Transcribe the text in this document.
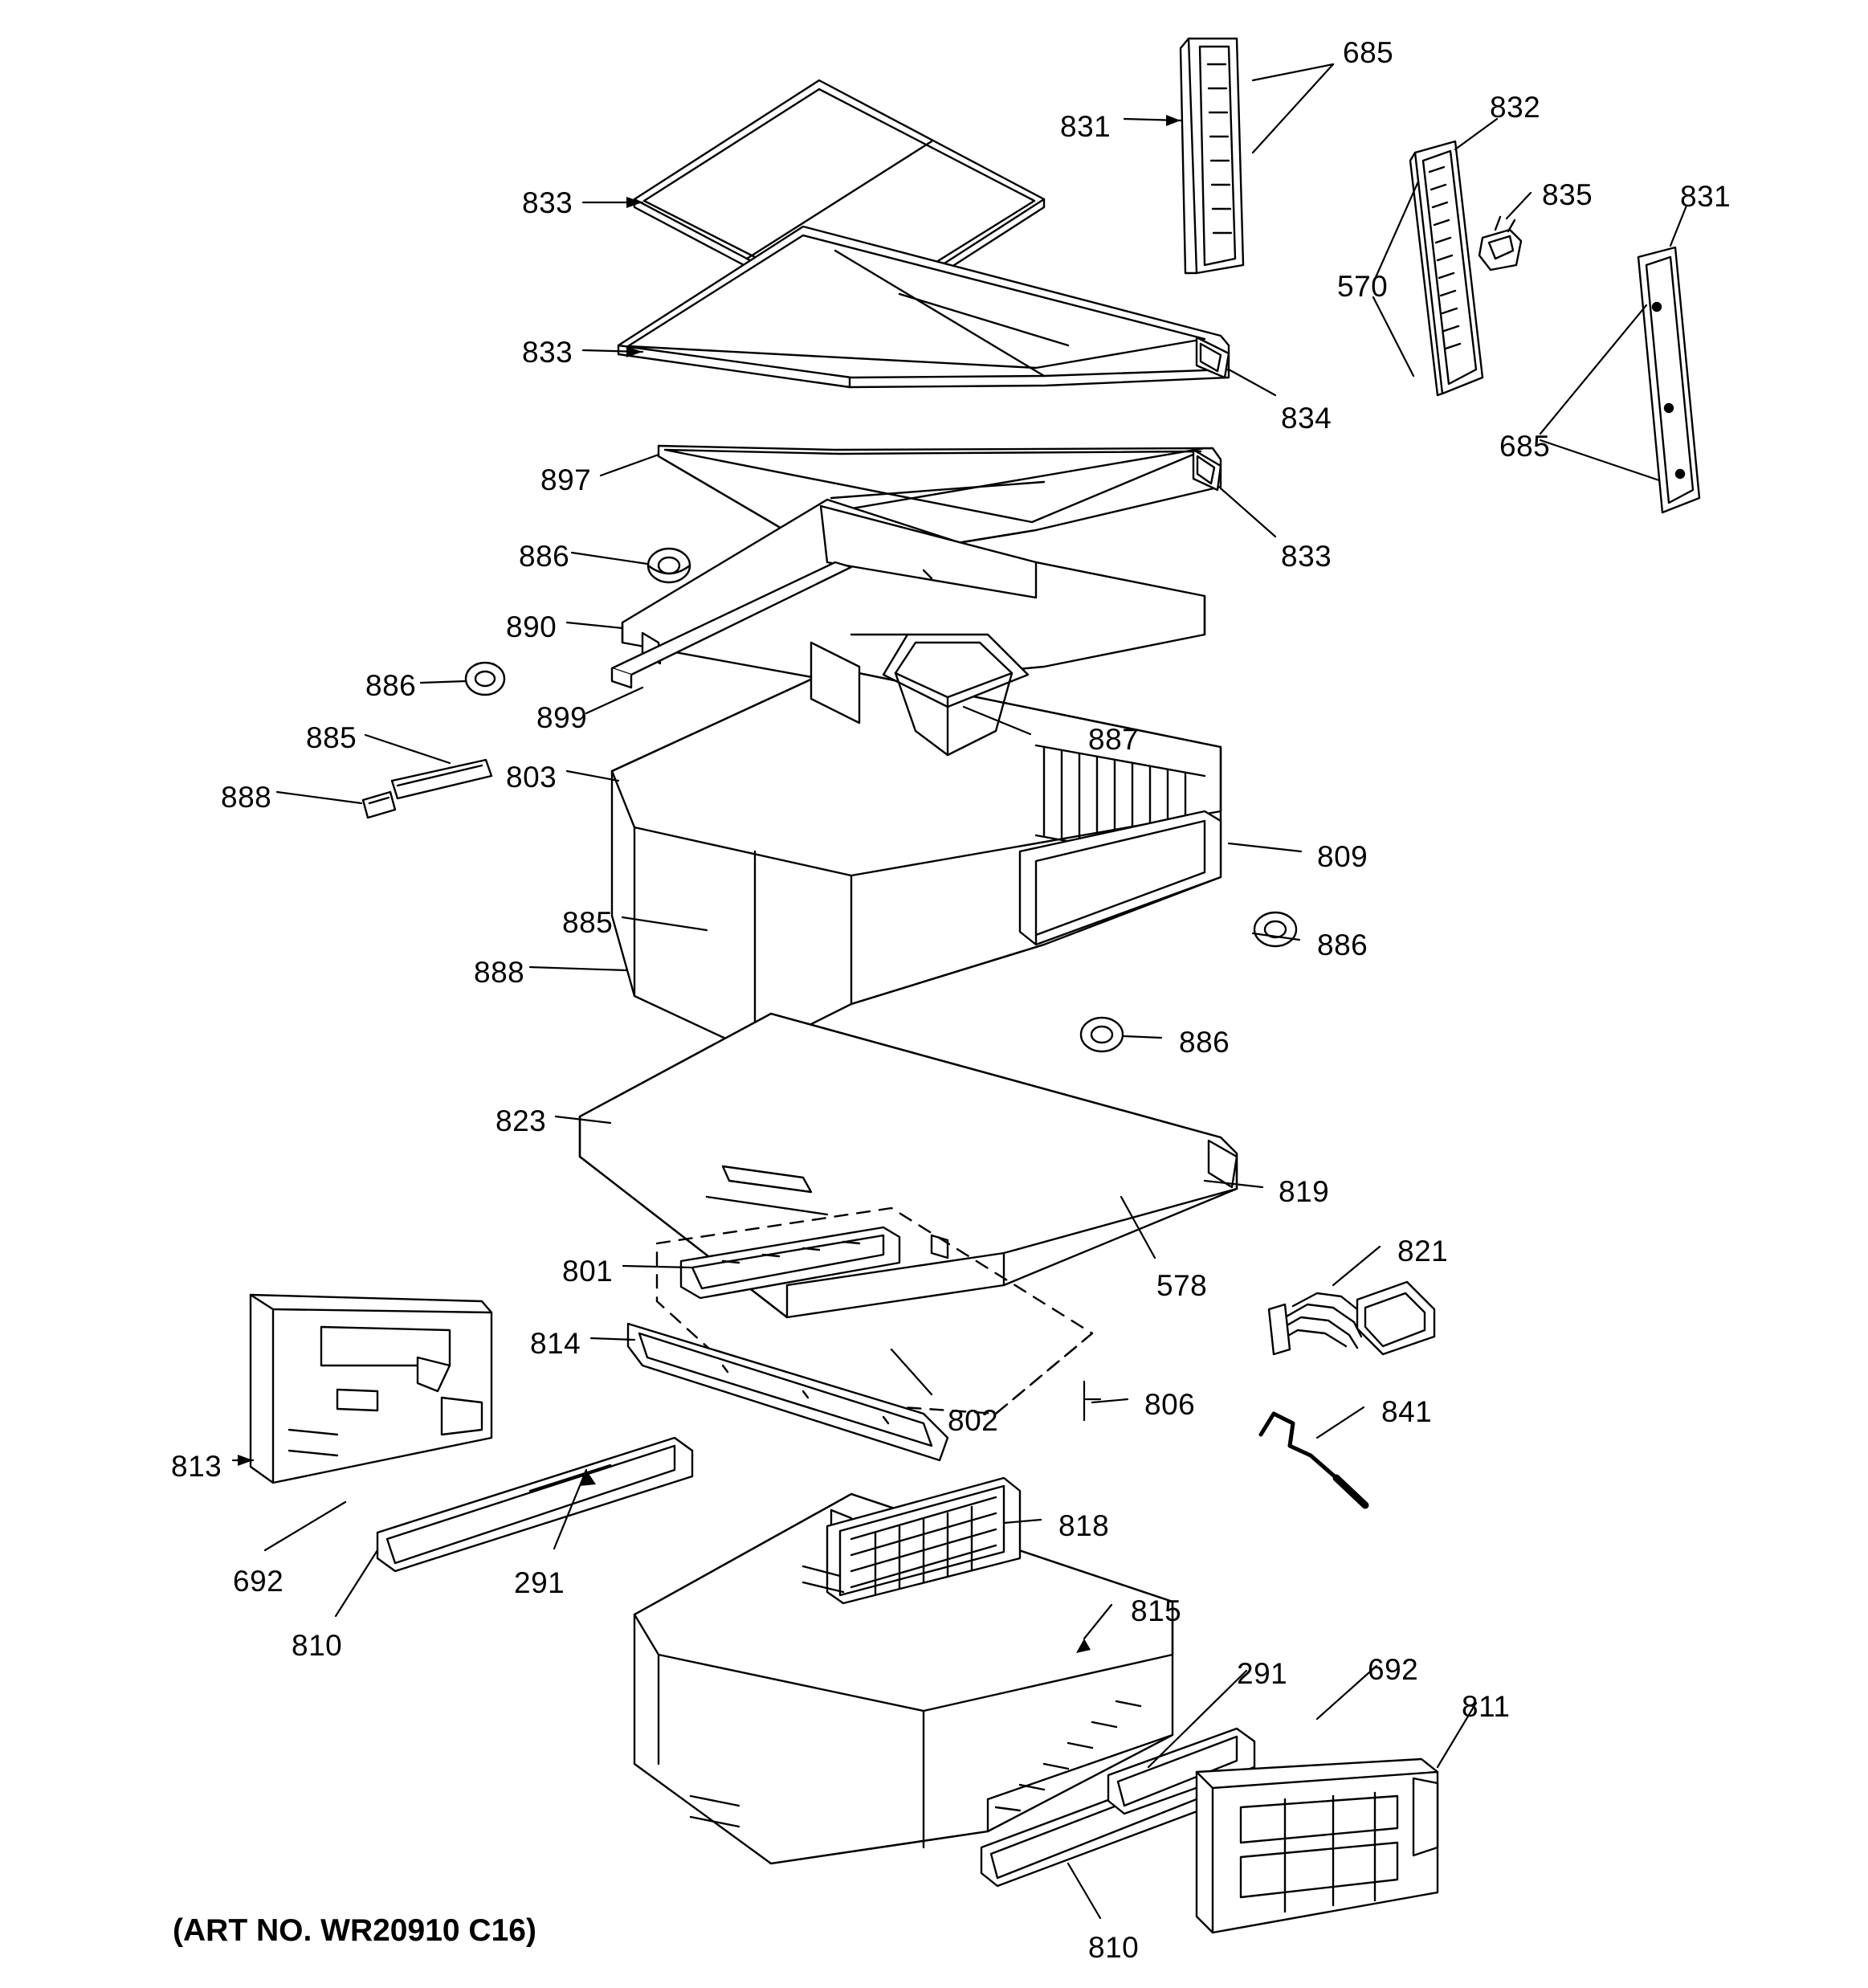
685
831
832
835	831
833
570
685
833
834
897
833
886
890
886
899
885	887
803
888
809
885
886
888
886
823
819
578
821
801
814
802	806	841
813
818
692	291
815
810
291	692
811
810
(ART NO. WR20910 C16)
